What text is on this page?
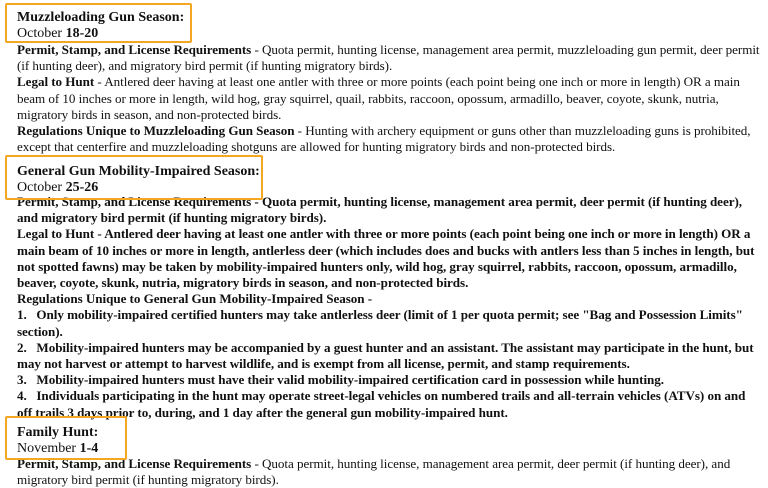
Muzzleloading Gun Season:
October 18-20

Permit, Stamp, and License Requirements - Quota permit, hunting license, management area permit, muzzleloading gun permit, deer permit (if hunting deer), and migratory bird permit (if hunting migratory birds).

Legal to Hunt - Antlered deer having at least one antler with three or more points (each point being one inch or more in length) OR a main beam of 10 inches or more in length, wild hog, gray squirrel, quail, rabbits, raccoon, opossum, armadillo, beaver, coyote, skunk, nutria, migratory birds in season, and non-protected birds.

Regulations Unique to Muzzleloading Gun Season - Hunting with archery equipment or guns other than muzzleloading guns is prohibited, except that centerfire and muzzleloading shotguns are allowed for hunting migratory birds and non-protected birds.

General Gun Mobility-Impaired Season:
October 25-26

Permit, Stamp, and License Requirements - Quota permit, hunting license, management area permit, deer permit (if hunting deer), and migratory bird permit (if hunting migratory birds).

Legal to Hunt - Antlered deer having at least one antler with three or more points (each point being one inch or more in length) OR a main beam of 10 inches or more in length, antlerless deer (which includes does and bucks with antlers less than 5 inches in length, but not spotted fawns) may be taken by mobility-impaired hunters only, wild hog, gray squirrel, rabbits, raccoon, opossum, armadillo, beaver, coyote, skunk, nutria, migratory birds in season, and non-protected birds.

Regulations Unique to General Gun Mobility-Impaired Season -

1.   Only mobility-impaired certified hunters may take antlerless deer (limit of 1 per quota permit; see "Bag and Possession Limits" section).

2.   Mobility-impaired hunters may be accompanied by a guest hunter and an assistant. The assistant may participate in the hunt, but may not harvest or attempt to harvest wildlife, and is exempt from all license, permit, and stamp requirements.

3.   Mobility-impaired hunters must have their valid mobility-impaired certification card in possession while hunting.

4.   Individuals participating in the hunt may operate street-legal vehicles on numbered trails and all-terrain vehicles (ATVs) on and off trails 3 days prior to, during, and 1 day after the general gun mobility-impaired hunt.

Family Hunt:
November 1-4

Permit, Stamp, and License Requirements - Quota permit, hunting license, management area permit, deer permit (if hunting deer), and migratory bird permit (if hunting migratory birds).
